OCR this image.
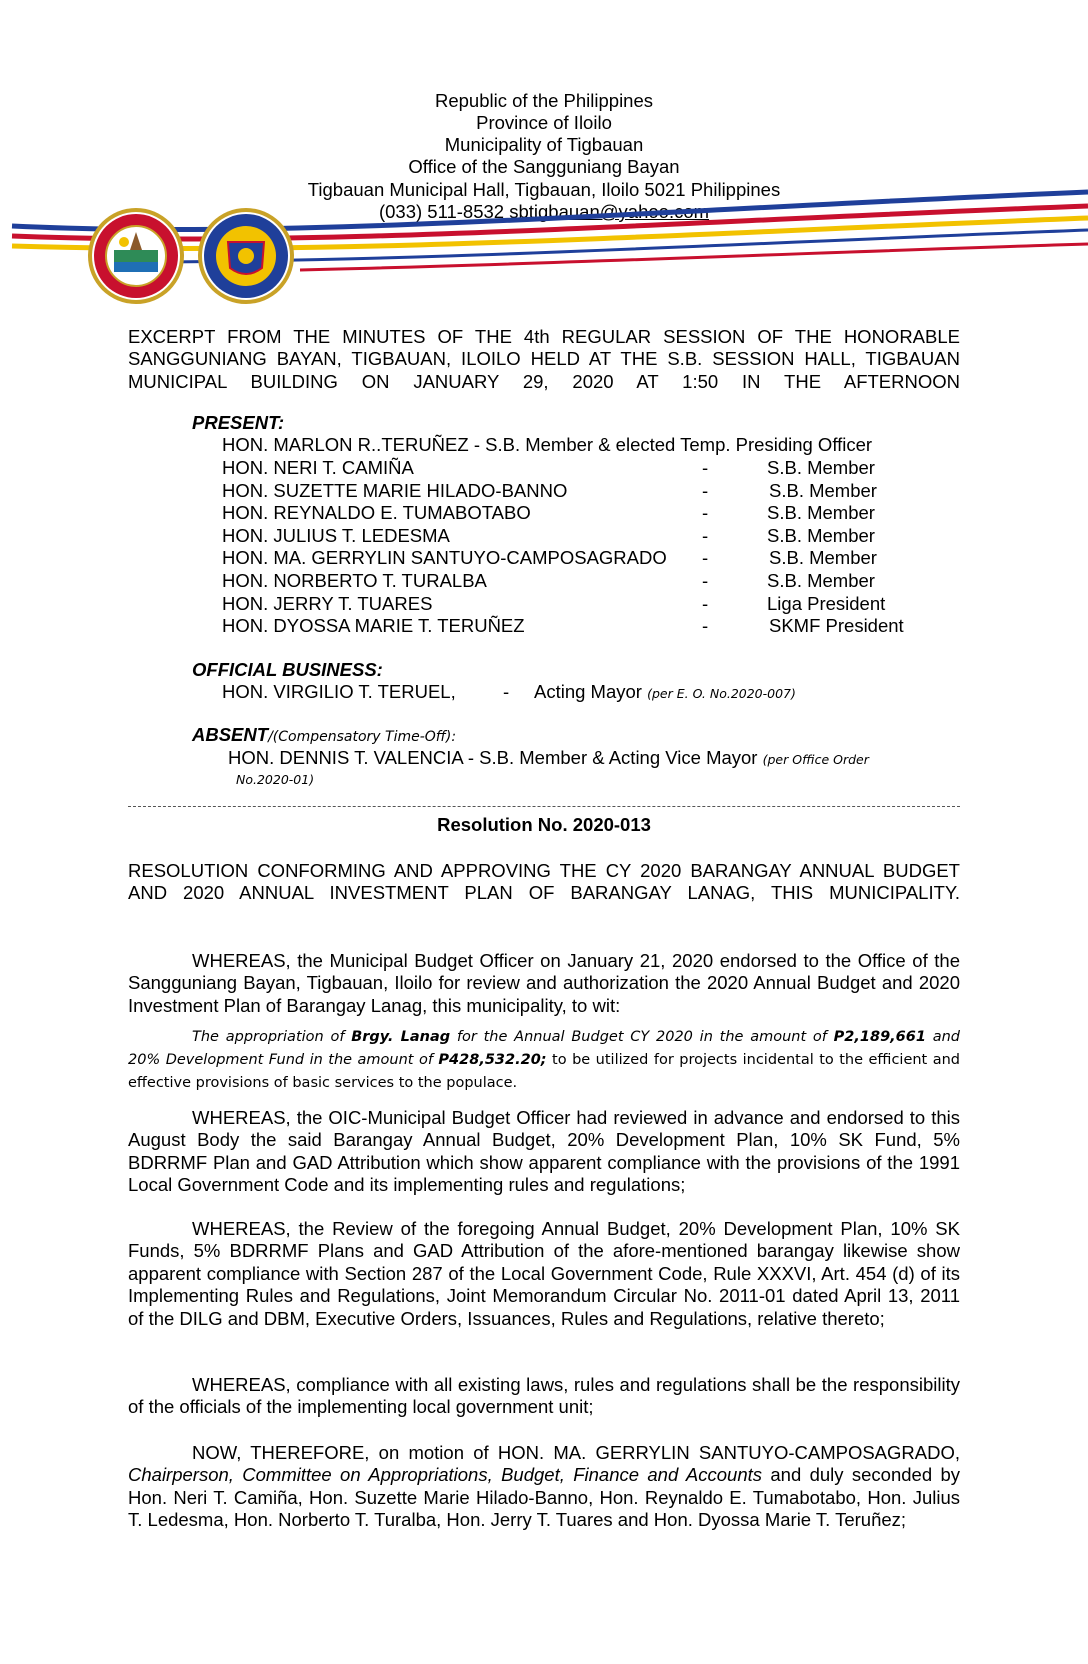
Republic of the Philippines
Province of Iloilo
Municipality of Tigbauan
Office of the Sangguniang Bayan
Tigbauan Municipal Hall, Tigbauan, Iloilo 5021 Philippines
(033) 511-8532 sbtigbauan@yahoo.com
EXCERPT FROM THE MINUTES OF THE 4th REGULAR SESSION OF THE HONORABLE SANGGUNIANG BAYAN, TIGBAUAN, ILOILO HELD AT THE S.B. SESSION HALL, TIGBAUAN MUNICIPAL BUILDING ON JANUARY 29, 2020 AT 1:50 IN THE AFTERNOON
PRESENT:
HON. MARLON R..TERUÑEZ - S.B. Member & elected Temp. Presiding Officer
HON. NERI T. CAMIÑA	-	S.B. Member
HON. SUZETTE MARIE HILADO-BANNO	-	S.B. Member
HON. REYNALDO E. TUMABOTABO	-	S.B. Member
HON. JULIUS T. LEDESMA	-	S.B. Member
HON. MA. GERRYLIN SANTUYO-CAMPOSAGRADO -	S.B. Member
HON. NORBERTO T. TURALBA	-	S.B. Member
HON. JERRY T. TUARES	-	Liga President
HON. DYOSSA MARIE T. TERUÑEZ	-	SKMF President
OFFICIAL BUSINESS:
HON. VIRGILIO T. TERUEL,	- Acting Mayor (per E. O. No.2020-007)
ABSENT/(Compensatory Time-Off):
HON. DENNIS T. VALENCIA - S.B. Member & Acting Vice Mayor (per Office Order
No.2020-01)
Resolution No. 2020-013
RESOLUTION CONFORMING AND APPROVING THE CY 2020 BARANGAY ANNUAL BUDGET AND 2020 ANNUAL INVESTMENT PLAN OF BARANGAY LANAG, THIS MUNICIPALITY.
WHEREAS, the Municipal Budget Officer on January 21, 2020 endorsed to the Office of the Sangguniang Bayan, Tigbauan, Iloilo for review and authorization the 2020 Annual Budget and 2020 Investment Plan of Barangay Lanag, this municipality, to wit:
The appropriation of Brgy. Lanag for the Annual Budget CY 2020 in the amount of P2,189,661 and 20% Development Fund in the amount of P428,532.20; to be utilized for projects incidental to the efficient and effective provisions of basic services to the populace.
WHEREAS, the OIC-Municipal Budget Officer had reviewed in advance and endorsed to this August Body the said Barangay Annual Budget, 20% Development Plan, 10% SK Fund, 5% BDRRMF Plan and GAD Attribution which show apparent compliance with the provisions of the 1991 Local Government Code and its implementing rules and regulations;
WHEREAS, the Review of the foregoing Annual Budget, 20% Development Plan, 10% SK Funds, 5% BDRRMF Plans and GAD Attribution of the afore-mentioned barangay likewise show apparent compliance with Section 287 of the Local Government Code, Rule XXXVI, Art. 454 (d) of its Implementing Rules and Regulations, Joint Memorandum Circular No. 2011-01 dated April 13, 2011 of the DILG and DBM, Executive Orders, Issuances, Rules and Regulations, relative thereto;
WHEREAS, compliance with all existing laws, rules and regulations shall be the responsibility of the officials of the implementing local government unit;
NOW, THEREFORE, on motion of HON. MA. GERRYLIN SANTUYO-CAMPOSAGRADO, Chairperson, Committee on Appropriations, Budget, Finance and Accounts and duly seconded by Hon. Neri T. Camiña, Hon. Suzette Marie Hilado-Banno, Hon. Reynaldo E. Tumabotabo, Hon. Julius T. Ledesma, Hon. Norberto T. Turalba, Hon. Jerry T. Tuares and Hon. Dyossa Marie T. Teruñez;
